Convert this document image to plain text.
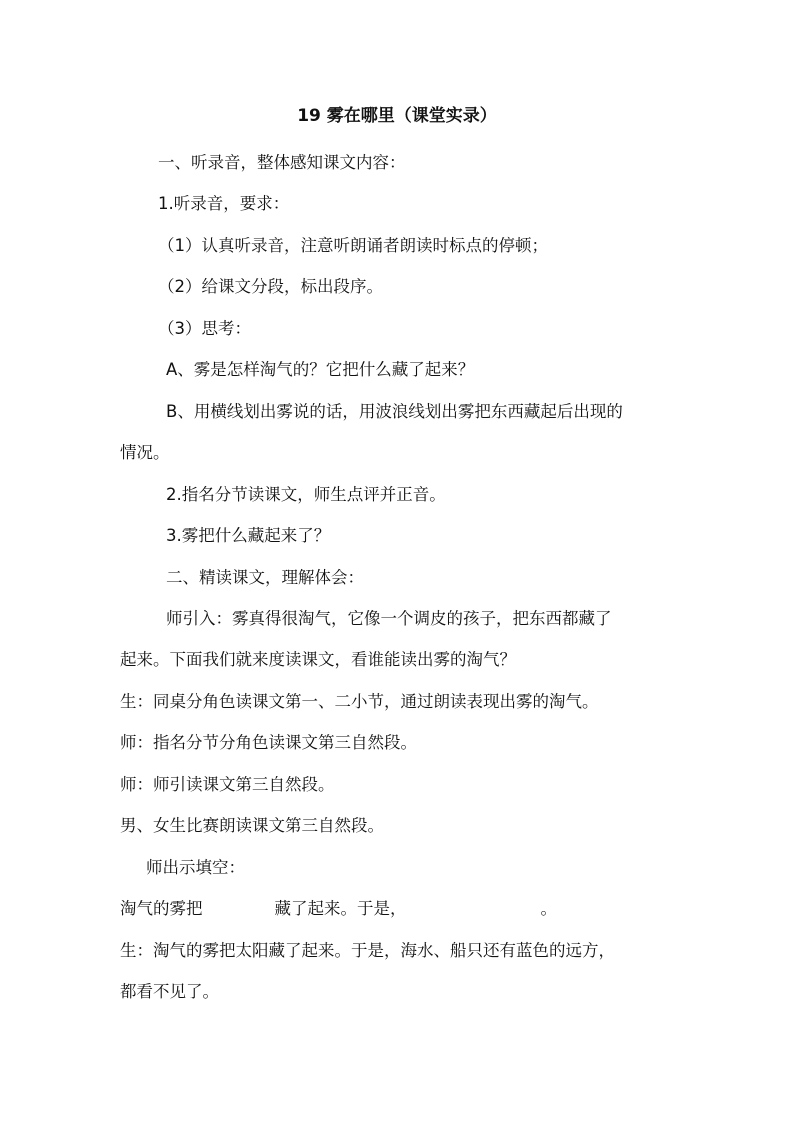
19 雾在哪里（课堂实录）
一、听录音，整体感知课文内容：
1.听录音，要求：
（1）认真听录音，注意听朗诵者朗读时标点的停顿；
（2）给课文分段，标出段序。
（3）思考：
A、雾是怎样淘气的？它把什么藏了起来？
B、用横线划出雾说的话，用波浪线划出雾把东西藏起后出现的
情况。
2.指名分节读课文，师生点评并正音。
3.雾把什么藏起来了？
二、精读课文，理解体会：
师引入：雾真得很淘气，它像一个调皮的孩子，把东西都藏了
起来。下面我们就来度读课文，看谁能读出雾的淘气？
生：同桌分角色读课文第一、二小节，通过朗读表现出雾的淘气。
师：指名分节分角色读课文第三自然段。
师：师引读课文第三自然段。
男、女生比赛朗读课文第三自然段。
师出示填空：
淘气的雾把	藏了起来。于是，	。
生：淘气的雾把太阳藏了起来。于是，海水、船只还有蓝色的远方，
都看不见了。
